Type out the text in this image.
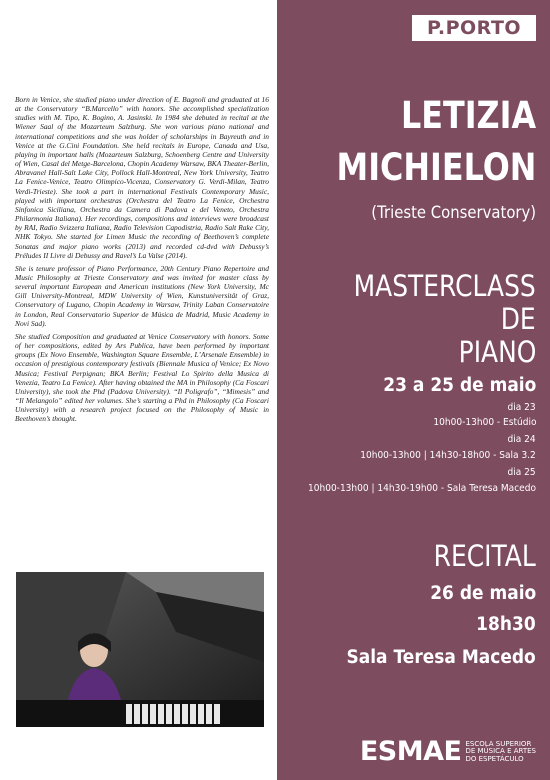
Born in Venice, she studied piano under direction of E. Bagnoli and graduated at 16 at the Conservatory “B.Marcello” with honors. She accomplished specialization studies with M. Tipo, K. Bogino, A. Jasinski. In 1984 she debuted in recital at the Wiener Saal of the Mozarteum Salzburg. She won various piano national and international competitions and she was holder of scholarships in Bayreuth and in Venice at the G.Cini Foundation. She held recitals in Europe, Canada and Usa, playing in important halls (Mozarteum Salzburg, Schoenberg Centre and University of Wien, Casal del Metge-Barcelona, Chopin Academy Warsaw, BKA Theater-Berlin, Abravanel Hall-Salt Lake City, Pollock Hall-Montreal, New York University, Teatro La Fenice-Venice, Teatro Olimpico-Vicenza, Conservatory G. Verdi-Milan, Teatro Verdi-Trieste). She took a part in international Festivals Contemporary Music, played with important orchestras (Orchestra del Teatro La Fenice, Orchestra Sinfonica Siciliana, Orchestra da Camera di Padova e del Veneto, Orchestra Philarmonia Italiana). Her recordings, compositions and interviews were broadcast by RAI, Radio Svizzera Italiana, Radio Television Capodistria, Radio Salt Rake City, NHK Tokyo. She started for Limen Music the recording of Beethoven’s complete Sonatas and major piano works (2013) and recorded cd-dvd with Debussy’s Préludes II Livre di Debussy and Ravel’s La Valse (2014).

She is tenure professor of Piano Performance, 20th Century Piano Repertoire and Music Philosophy at Trieste Conservatory and was invited for master class by several important European and American institutions (New York University, Mc Gill University-Montreal, MDW University of Wien, Kunstuniversität of Graz, Conservatory of Lugano, Chopin Academy in Warsaw, Trinity Laban Conservatoire in London, Real Conservatorio Superior de Música de Madrid, Music Academy in Novi Sad).

She studied Composition and graduated at Venice Conservatory with honors. Some of her compositions, edited by Ars Publica, have been performed by important groups (Ex Novo Ensemble, Washington Square Ensemble, L’Arsenale Ensemble) in occasion of prestigious contemporary festivals (Biennale Musica of Venice; Ex Novo Musica; Festival Perpignan; BKA Berlin; Festival Lo Spirito della Musica di Venezia, Teatro La Fenice). After having obtained the MA in Philosophy (Ca Foscari University), she took the Phd (Padova University). “Il Poligrafo”, “Mimesis” and “Il Melangolo” edited her volumes. She’s starting a Phd in Philosophy (Ca Foscari University) with a research project focused on the Philosophy of Music in Beethoven’s thought.

P.PORTO
LETIZIA
MICHIELON
(Trieste Conservatory)
MASTERCLASS
DE
PIANO
23 a 25 de maio
dia 23
10h00-13h00 - Estúdio
dia 24
10h00-13h00 | 14h30-18h00 - Sala 3.2
dia 25
10h00-13h00 | 14h30-19h00 - Sala Teresa Macedo
RECITAL
26 de maio
18h30
Sala Teresa Macedo
ESMAE ESCOLA SUPERIOR
DE MÚSICA E ARTES
DO ESPETÁCULO
